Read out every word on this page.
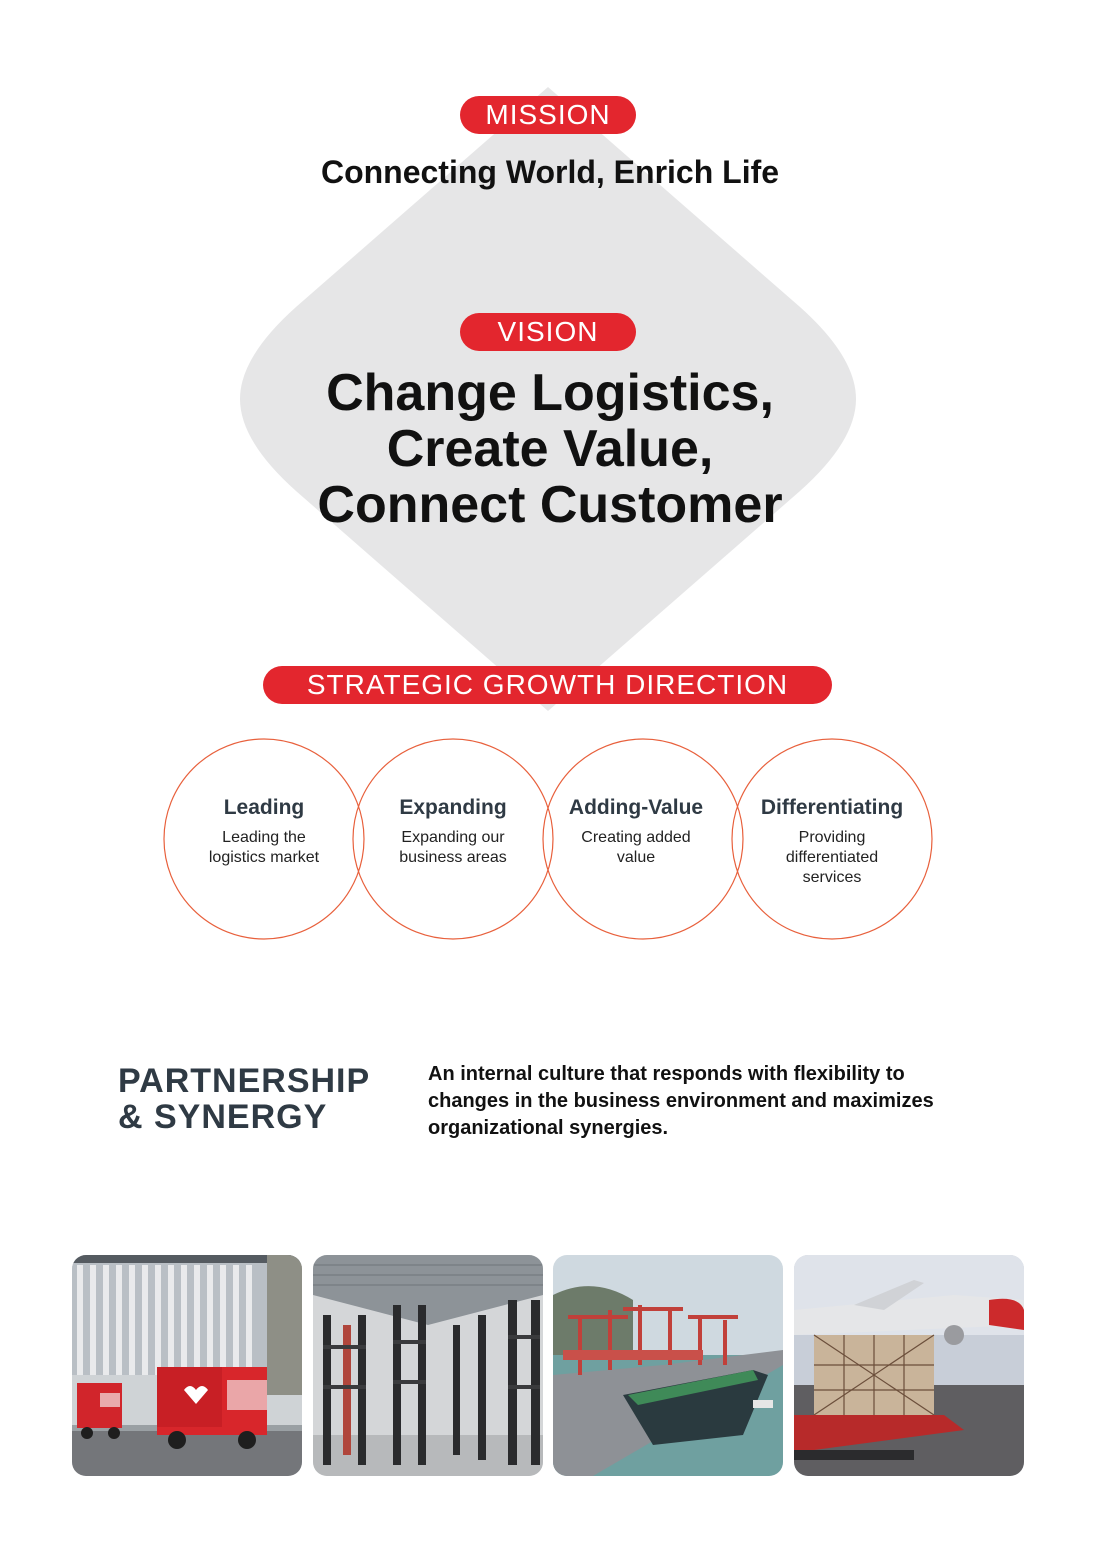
MISSION
Connecting World, Enrich Life
VISION
Change Logistics,
Create Value,
Connect Customer
STRATEGIC GROWTH DIRECTION
Leading
Leading the
logistics market
Expanding
Expanding our
business areas
Adding-Value
Creating added
value
Differentiating
Providing
differentiated
services
PARTNERSHIP
& SYNERGY
An internal culture that responds with flexibility to
changes in the business environment and maximizes
organizational synergies.
